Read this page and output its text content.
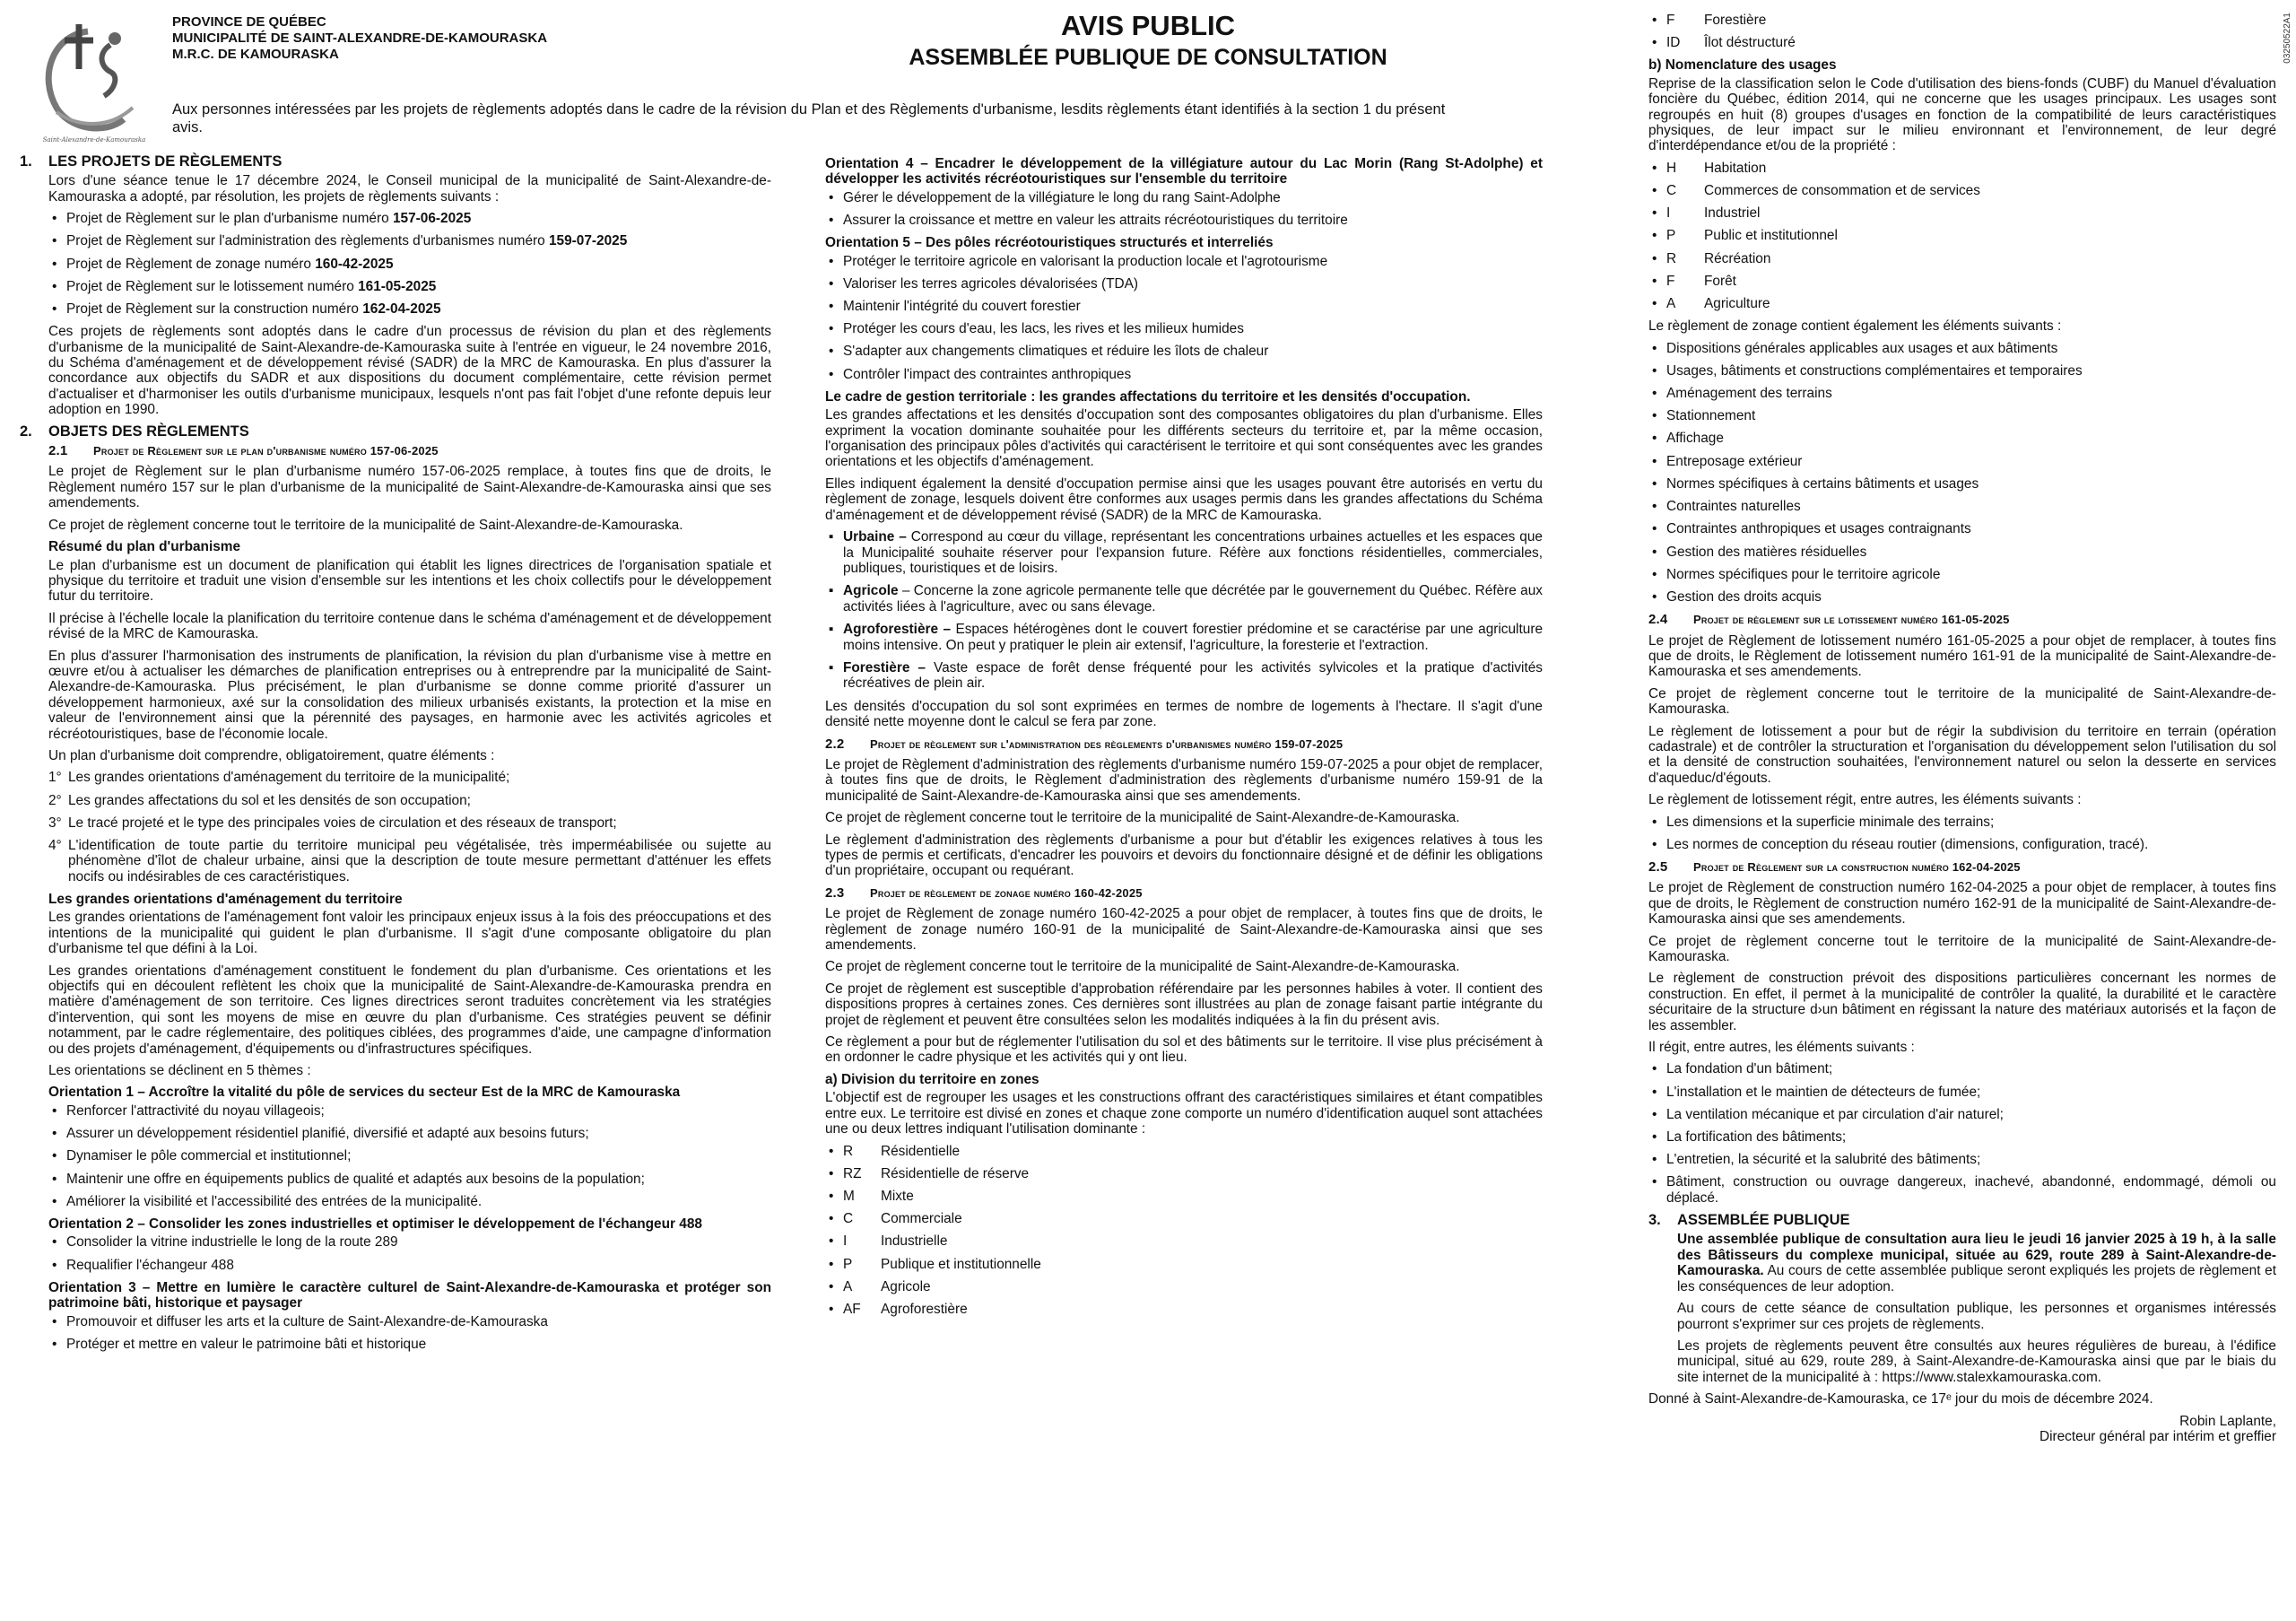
Saint-Alexandre-de-Kamouraska
PROVINCE DE QUÉBEC
MUNICIPALITÉ DE SAINT-ALEXANDRE-DE-KAMOURASKA
M.R.C. DE KAMOURASKA
AVIS PUBLIC
ASSEMBLÉE PUBLIQUE DE CONSULTATION
Aux personnes intéressées par les projets de règlements adoptés dans le cadre de la révision du Plan et des Règlements d'urbanisme, lesdits règlements étant identifiés à la section 1 du présent avis.
03250522A1
1. LES PROJETS DE RÈGLEMENTS

Lors d'une séance tenue le 17 décembre 2024, le Conseil municipal de la municipalité de Saint-Alexandre-de-Kamouraska a adopté, par résolution, les projets de règlements suivants :

• Projet de Règlement sur le plan d'urbanisme numéro 157-06-2025
• Projet de Règlement sur l'administration des règlements d'urbanismes numéro 159-07-2025
• Projet de Règlement de zonage numéro 160-42-2025
• Projet de Règlement sur le lotissement numéro 161-05-2025
• Projet de Règlement sur la construction numéro 162-04-2025

Ces projets de règlements sont adoptés dans le cadre d'un processus de révision du plan et des règlements d'urbanisme de la municipalité de Saint-Alexandre-de-Kamouraska suite à l'entrée en vigueur, le 24 novembre 2016, du Schéma d'aménagement et de développement révisé (SADR) de la MRC de Kamouraska. En plus d'assurer la concordance aux objectifs du SADR et aux dispositions du document complémentaire, cette révision permet d'actualiser et d'harmoniser les outils d'urbanisme municipaux, lesquels n'ont pas fait l'objet d'une refonte depuis leur adoption en 1990.

2. OBJETS DES RÈGLEMENTS
2.1 Projet de Règlement sur le plan d'urbanisme numéro 157-06-2025

Le projet de Règlement sur le plan d'urbanisme numéro 157-06-2025 remplace, à toutes fins que de droits, le Règlement numéro 157 sur le plan d'urbanisme de la municipalité de Saint-Alexandre-de-Kamouraska ainsi que ses amendements.

Ce projet de règlement concerne tout le territoire de la municipalité de Saint-Alexandre-de-Kamouraska.

Résumé du plan d'urbanisme

Le plan d'urbanisme est un document de planification qui établit les lignes directrices de l'organisation spatiale et physique du territoire et traduit une vision d'ensemble sur les intentions et les choix collectifs pour le développement futur du territoire.

Il précise à l'échelle locale la planification du territoire contenue dans le schéma d'aménagement et de développement révisé de la MRC de Kamouraska.

En plus d'assurer l'harmonisation des instruments de planification, la révision du plan d'urbanisme vise à mettre en œuvre et/ou à actualiser les démarches de planification entreprises ou à entreprendre par la municipalité de Saint-Alexandre-de-Kamouraska. Plus précisément, le plan d'urbanisme se donne comme priorité d'assurer un développement harmonieux, axé sur la consolidation des milieux urbanisés existants, la protection et la mise en valeur de l'environnement ainsi que la pérennité des paysages, en harmonie avec les activités agricoles et récréotouristiques, base de l'économie locale.

Un plan d'urbanisme doit comprendre, obligatoirement, quatre éléments :

1° Les grandes orientations d'aménagement du territoire de la municipalité;
2° Les grandes affectations du sol et les densités de son occupation;
3° Le tracé projeté et le type des principales voies de circulation et des réseaux de transport;
4° L'identification de toute partie du territoire municipal peu végétalisée, très imperméabilisée ou sujette au phénomène d'îlot de chaleur urbaine, ainsi que la description de toute mesure permettant d'atténuer les effets nocifs ou indésirables de ces caractéristiques.
Les grandes orientations d'aménagement du territoire

Les grandes orientations de l'aménagement font valoir les principaux enjeux issus à la fois des préoccupations et des intentions de la municipalité qui guident le plan d'urbanisme. Il s'agit d'une composante obligatoire du plan d'urbanisme tel que défini à la Loi.

Les grandes orientations d'aménagement constituent le fondement du plan d'urbanisme. Ces orientations et les objectifs qui en découlent reflètent les choix que la municipalité de Saint-Alexandre-de-Kamouraska prendra en matière d'aménagement de son territoire. Ces lignes directrices seront traduites concrètement via les stratégies d'intervention, qui sont les moyens de mise en œuvre du plan d'urbanisme. Ces stratégies peuvent se définir notamment, par le cadre réglementaire, des politiques ciblées, des programmes d'aide, une campagne d'information ou des projets d'aménagement, d'équipements ou d'infrastructures spécifiques.

Les orientations se déclinent en 5 thèmes :

Orientation 1 – Accroître la vitalité du pôle de services du secteur Est de la MRC de Kamouraska
• Renforcer l'attractivité du noyau villageois;
• Assurer un développement résidentiel planifié, diversifié et adapté aux besoins futurs;
• Dynamiser le pôle commercial et institutionnel;
• Maintenir une offre en équipements publics de qualité et adaptés aux besoins de la population;
• Améliorer la visibilité et l'accessibilité des entrées de la municipalité.
Orientation 2 – Consolider les zones industrielles et optimiser le développement de l'échangeur 488
• Consolider la vitrine industrielle le long de la route 289
• Requalifier l'échangeur 488
Orientation 3 – Mettre en lumière le caractère culturel de Saint-Alexandre-de-Kamouraska et protéger son patrimoine bâti, historique et paysager
• Promouvoir et diffuser les arts et la culture de Saint-Alexandre-de-Kamouraska
• Protéger et mettre en valeur le patrimoine bâti et historique
Orientation 4 – Encadrer le développement de la villégiature autour du Lac Morin (Rang St-Adolphe) et développer les activités récréotouristiques sur l'ensemble du territoire
• Gérer le développement de la villégiature le long du rang Saint-Adolphe
• Assurer la croissance et mettre en valeur les attraits récréotouristiques du territoire
Orientation 5 – Des pôles récréotouristiques structurés et interreliés
• Protéger le territoire agricole en valorisant la production locale et l'agrotourisme
• Valoriser les terres agricoles dévalorisées (TDA)
• Maintenir l'intégrité du couvert forestier
• Protéger les cours d'eau, les lacs, les rives et les milieux humides
• S'adapter aux changements climatiques et réduire les îlots de chaleur
• Contrôler l'impact des contraintes anthropiques
Le cadre de gestion territoriale : les grandes affectations du territoire et les densités d'occupation.

Les grandes affectations et les densités d'occupation sont des composantes obligatoires du plan d'urbanisme. Elles expriment la vocation dominante souhaitée pour les différents secteurs du territoire et, par la même occasion, l'organisation des principaux pôles d'activités qui caractérisent le territoire et qui sont conséquentes avec les grandes orientations et les objectifs d'aménagement.

Elles indiquent également la densité d'occupation permise ainsi que les usages pouvant être autorisés en vertu du règlement de zonage, lesquels doivent être conformes aux usages permis dans les grandes affectations du Schéma d'aménagement et de développement révisé (SADR) de la MRC de Kamouraska.

▪ Urbaine – Correspond au cœur du village, représentant les concentrations urbaines actuelles et les espaces que la Municipalité souhaite réserver pour l'expansion future. Réfère aux fonctions résidentielles, commerciales, publiques, touristiques et de loisirs.
▪ Agricole – Concerne la zone agricole permanente telle que décrétée par le gouvernement du Québec. Réfère aux activités liées à l'agriculture, avec ou sans élevage.
▪ Agroforestière – Espaces hétérogènes dont le couvert forestier prédomine et se caractérise par une agriculture moins intensive. On peut y pratiquer le plein air extensif, l'agriculture, la foresterie et l'extraction.
▪ Forestière – Vaste espace de forêt dense fréquenté pour les activités sylvicoles et la pratique d'activités récréatives de plein air.

Les densités d'occupation du sol sont exprimées en termes de nombre de logements à l'hectare. Il s'agit d'une densité nette moyenne dont le calcul se fera par zone.

2.2 Projet de règlement sur l'administration des règlements d'urbanismes numéro 159-07-2025

Le projet de Règlement d'administration des règlements d'urbanisme numéro 159-07-2025 a pour objet de remplacer, à toutes fins que de droits, le Règlement d'administration des règlements d'urbanisme numéro 159-91 de la municipalité de Saint-Alexandre-de-Kamouraska ainsi que ses amendements.

Ce projet de règlement concerne tout le territoire de la municipalité de Saint-Alexandre-de-Kamouraska.

Le règlement d'administration des règlements d'urbanisme a pour but d'établir les exigences relatives à tous les types de permis et certificats, d'encadrer les pouvoirs et devoirs du fonctionnaire désigné et de définir les obligations d'un propriétaire, occupant ou requérant.

2.3 Projet de règlement de zonage numéro 160-42-2025

Le projet de Règlement de zonage numéro 160-42-2025 a pour objet de remplacer, à toutes fins que de droits, le règlement de zonage numéro 160-91 de la municipalité de Saint-Alexandre-de-Kamouraska ainsi que ses amendements.

Ce projet de règlement concerne tout le territoire de la municipalité de Saint-Alexandre-de-Kamouraska.

Ce projet de règlement est susceptible d'approbation référendaire par les personnes habiles à voter. Il contient des dispositions propres à certaines zones. Ces dernières sont illustrées au plan de zonage faisant partie intégrante du projet de règlement et peuvent être consultées selon les modalités indiquées à la fin du présent avis.

Ce règlement a pour but de réglementer l'utilisation du sol et des bâtiments sur le territoire. Il vise plus précisément à en ordonner le cadre physique et les activités qui y ont lieu.

a) Division du territoire en zones

L'objectif est de regrouper les usages et les constructions offrant des caractéristiques similaires et étant compatibles entre eux. Le territoire est divisé en zones et chaque zone comporte un numéro d'identification auquel sont attachées une ou deux lettres indiquant l'utilisation dominante :

• R Résidentielle
• RZ Résidentielle de réserve
• M Mixte
• C Commerciale
• I Industrielle
• P Publique et institutionnelle
• A Agricole
• AF Agroforestière
• F Forestière
• ID Îlot déstructuré
b) Nomenclature des usages

Reprise de la classification selon le Code d'utilisation des biens-fonds (CUBF) du Manuel d'évaluation foncière du Québec, édition 2014, qui ne concerne que les usages principaux. Les usages sont regroupés en huit (8) groupes d'usages en fonction de la compatibilité de leurs caractéristiques physiques, de leur impact sur le milieu environnant et l'environnement, de leur degré d'interdépendance et/ou de la propriété :

• H Habitation
• C Commerces de consommation et de services
• I Industriel
• P Public et institutionnel
• R Récréation
• F Forêt
• A Agriculture

Le règlement de zonage contient également les éléments suivants :

• Dispositions générales applicables aux usages et aux bâtiments
• Usages, bâtiments et constructions complémentaires et temporaires
• Aménagement des terrains
• Stationnement
• Affichage
• Entreposage extérieur
• Normes spécifiques à certains bâtiments et usages
• Contraintes naturelles
• Contraintes anthropiques et usages contraignants
• Gestion des matières résiduelles
• Normes spécifiques pour le territoire agricole
• Gestion des droits acquis
2.4 Projet de règlement sur le lotissement numéro 161-05-2025

Le projet de Règlement de lotissement numéro 161-05-2025 a pour objet de remplacer, à toutes fins que de droits, le Règlement de lotissement numéro 161-91 de la municipalité de Saint-Alexandre-de-Kamouraska et ses amendements.

Ce projet de règlement concerne tout le territoire de la municipalité de Saint-Alexandre-de-Kamouraska.

Le règlement de lotissement a pour but de régir la subdivision du territoire en terrain (opération cadastrale) et de contrôler la structuration et l'organisation du développement selon l'utilisation du sol et la densité de construction souhaitées, l'environnement naturel ou selon la desserte en services d'aqueduc/d'égouts.

Le règlement de lotissement régit, entre autres, les éléments suivants :

• Les dimensions et la superficie minimale des terrains;
• Les normes de conception du réseau routier (dimensions, configuration, tracé).
2.5 Projet de Règlement sur la construction numéro 162-04-2025

Le projet de Règlement de construction numéro 162-04-2025 a pour objet de remplacer, à toutes fins que de droits, le Règlement de construction numéro 162-91 de la municipalité de Saint-Alexandre-de-Kamouraska ainsi que ses amendements.

Ce projet de règlement concerne tout le territoire de la municipalité de Saint-Alexandre-de-Kamouraska.

Le règlement de construction prévoit des dispositions particulières concernant les normes de construction. En effet, il permet à la municipalité de contrôler la qualité, la durabilité et le caractère sécuritaire de la structure d›un bâtiment en régissant la nature des matériaux autorisés et la façon de les assembler.

Il régit, entre autres, les éléments suivants :

• La fondation d'un bâtiment;
• L'installation et le maintien de détecteurs de fumée;
• La ventilation mécanique et par circulation d'air naturel;
• La fortification des bâtiments;
• L'entretien, la sécurité et la salubrité des bâtiments;
• Bâtiment, construction ou ouvrage dangereux, inachevé, abandonné, endommagé, démoli ou déplacé.
3. ASSEMBLÉE PUBLIQUE

Une assemblée publique de consultation aura lieu le jeudi 16 janvier 2025 à 19 h, à la salle des Bâtisseurs du complexe municipal, située au 629, route 289 à Saint-Alexandre-de-Kamouraska. Au cours de cette assemblée publique seront expliqués les projets de règlement et les conséquences de leur adoption.

Au cours de cette séance de consultation publique, les personnes et organismes intéressés pourront s'exprimer sur ces projets de règlements.

Les projets de règlements peuvent être consultés aux heures régulières de bureau, à l'édifice municipal, situé au 629, route 289, à Saint-Alexandre-de-Kamouraska ainsi que par le biais du site internet de la municipalité à : https://www.stalexkamouraska.com.

Donné à Saint-Alexandre-de-Kamouraska, ce 17ᵉ jour du mois de décembre 2024.

Robin Laplante,
Directeur général par intérim et greffier
